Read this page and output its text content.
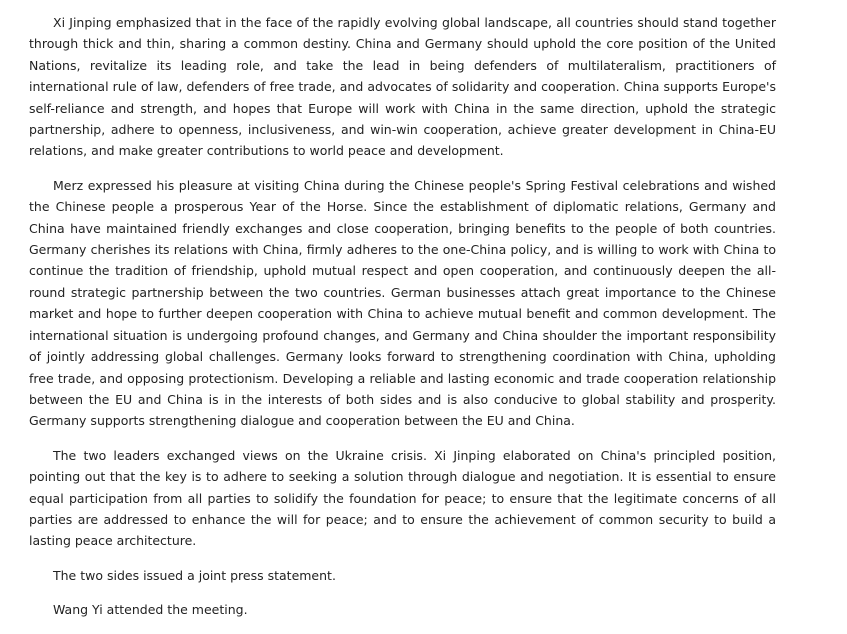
Xi Jinping emphasized that in the face of the rapidly evolving global landscape, all countries should stand together through thick and thin, sharing a common destiny. China and Germany should uphold the core position of the United Nations, revitalize its leading role, and take the lead in being defenders of multilateralism, practitioners of international rule of law, defenders of free trade, and advocates of solidarity and cooperation. China supports Europe's self-reliance and strength, and hopes that Europe will work with China in the same direction, uphold the strategic partnership, adhere to openness, inclusiveness, and win-win cooperation, achieve greater development in China-EU relations, and make greater contributions to world peace and development.

Merz expressed his pleasure at visiting China during the Chinese people's Spring Festival celebrations and wished the Chinese people a prosperous Year of the Horse. Since the establishment of diplomatic relations, Germany and China have maintained friendly exchanges and close cooperation, bringing benefits to the people of both countries. Germany cherishes its relations with China, firmly adheres to the one-China policy, and is willing to work with China to continue the tradition of friendship, uphold mutual respect and open cooperation, and continuously deepen the all-round strategic partnership between the two countries. German businesses attach great importance to the Chinese market and hope to further deepen cooperation with China to achieve mutual benefit and common development. The international situation is undergoing profound changes, and Germany and China shoulder the important responsibility of jointly addressing global challenges. Germany looks forward to strengthening coordination with China, upholding free trade, and opposing protectionism. Developing a reliable and lasting economic and trade cooperation relationship between the EU and China is in the interests of both sides and is also conducive to global stability and prosperity. Germany supports strengthening dialogue and cooperation between the EU and China.

The two leaders exchanged views on the Ukraine crisis. Xi Jinping elaborated on China's principled position, pointing out that the key is to adhere to seeking a solution through dialogue and negotiation. It is essential to ensure equal participation from all parties to solidify the foundation for peace; to ensure that the legitimate concerns of all parties are addressed to enhance the will for peace; and to ensure the achievement of common security to build a lasting peace architecture.

The two sides issued a joint press statement.

Wang Yi attended the meeting.
